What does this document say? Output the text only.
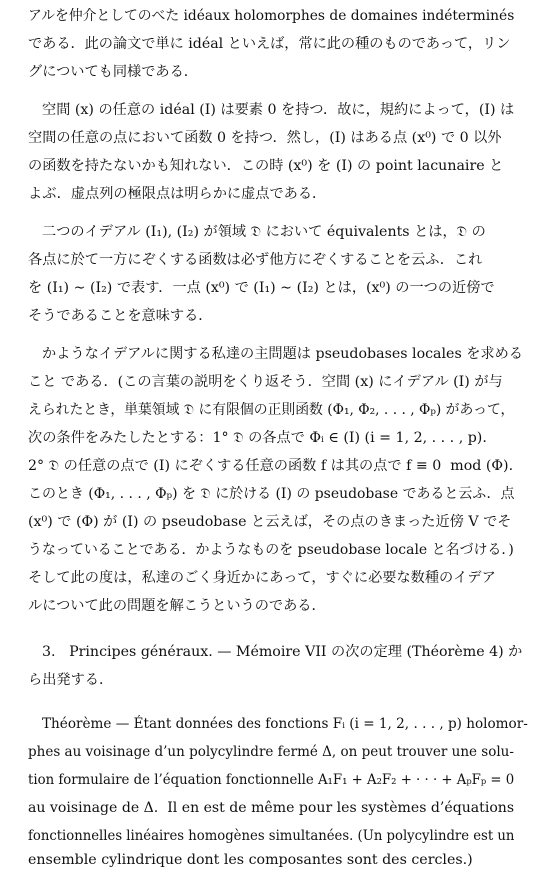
アルを仲介としてのべた idéaux holomorphes de domaines indéterminés
である．此の論文で単に idéal といえば，常に此の種のものであって，リン
グについても同様である．
空間 (x) の任意の idéal (I) は要素 0 を持つ．故に，規約によって，(I) は
空間の任意の点において函数 0 を持つ．然し，(I) はある点 (x⁰) で 0 以外
の函数を持たないかも知れない．この時 (x⁰) を (I) の point lacunaire と
よぶ．虚点列の極限点は明らかに虚点である．
二つのイデアル (I₁), (I₂) が領域 𝔇 において équivalents とは，𝔇 の
各点に於て一方にぞくする函数は必ず他方にぞくすることを云ふ．これ
を (I₁) ∼ (I₂) で表す．一点 (x⁰) で (I₁) ∼ (I₂) とは，(x⁰) の一つの近傍で
そうであることを意味する．
かようなイデアルに関する私達の主問題は pseudobases locales を求める
こと である．(この言葉の説明をくり返そう．空間 (x) にイデアル (I) が与
えられたとき，単葉領域 𝔇 に有限個の正則函数 (Φ₁, Φ₂, . . . , Φₚ) があって，
次の条件をみたしたとする：1° 𝔇 の各点で Φᵢ ∈ (I) (i = 1, 2, . . . , p).
2° 𝔇 の任意の点で (I) にぞくする任意の函数 f は其の点で f ≡ 0  mod (Φ).
このとき (Φ₁, . . . , Φₚ) を 𝔇 に於ける (I) の pseudobase であると云ふ．点
(x⁰) で (Φ) が (I) の pseudobase と云えば，その点のきまった近傍 V でそ
うなっていることである．かようなものを pseudobase locale と名づける．)
そして此の度は，私達のごく身近かにあって，すぐに必要な数種のイデア
ルについて此の問題を解こうというのである．
3.   Principes généraux. — Mémoire VII の次の定理 (Théorème 4) か
ら出発する．
Théorème — Étant données des fonctions Fᵢ (i = 1, 2, . . . , p) holomor-
phes au voisinage d’un polycylindre fermé Δ, on peut trouver une solu-
tion formulaire de l’équation fonctionnelle A₁F₁ + A₂F₂ + · · · + AₚFₚ = 0
au voisinage de Δ.  Il en est de même pour les systèmes d’équations
fonctionnelles linéaires homogènes simultanées. (Un polycylindre est un
ensemble cylindrique dont les composantes sont des cercles.)
